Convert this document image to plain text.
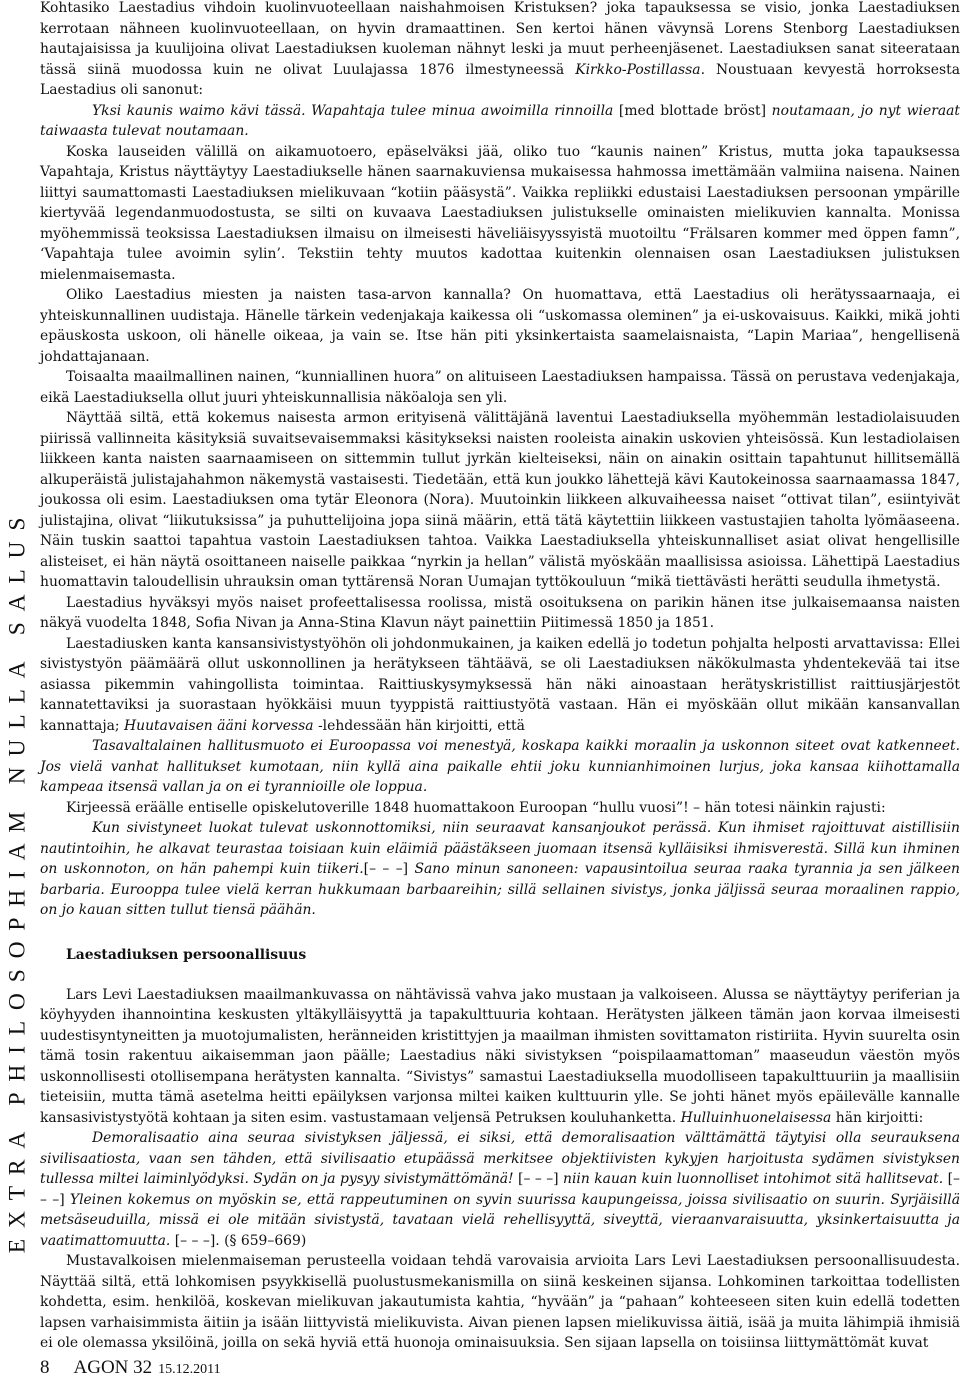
EXTRA PHILOSOPHIAM NULLA SALUS

Kohtasiko Laestadius vihdoin kuolinvuoteellaan naishahmoisen Kristuksen? joka tapauksessa se visio, jonka Laestadiuksen kerrotaan nähneen kuolinvuoteellaan, on hyvin dramaattinen. Sen kertoi hänen vävynsä Lorens Stenborg Laestadiuksen hautajaisissa ja kuulijoina olivat Laestadiuksen kuoleman nähnyt leski ja muut perheenjäsenet. Laestadiuksen sanat siteerataan tässä siinä muodossa kuin ne olivat Luulajassa 1876 ilmestyneessä Kirkko-Postillassa. Noustuaan kevyestä horroksesta Laestadius oli sanonut:

Yksi kaunis waimo kävi tässä. Wapahtaja tulee minua awoimilla rinnoilla [med blottade bröst] noutamaan, jo nyt wieraat taiwaasta tulevat noutamaan.

Koska lauseiden välillä on aikamuotoero, epäselväksi jää, oliko tuo “kaunis nainen” Kristus, mutta joka tapauksessa Vapahtaja, Kristus näyttäytyy Laestadiukselle hänen saarnakuviensa mukaisessa hahmossa imettämään valmiina naisena. Nainen liittyi saumattomasti Laestadiuksen mielikuvaan “kotiin pääsystä”. Vaikka repliikki edustaisi Laestadiuksen persoonan ympärille kiertyvää legendanmuodostusta, se silti on kuvaava Laestadiuksen julistukselle ominaisten mielikuvien kannalta. Monissa myöhemmissä teoksissa Laestadiuksen ilmaisu on ilmeisesti häveliäisyyssyistä muotoiltu “Frälsaren kommer med öppen famn”, ‘Vapahtaja tulee avoimin sylin’. Tekstiin tehty muutos kadottaa kuitenkin olennaisen osan Laestadiuksen julistuksen mielenmaisemasta.

Oliko Laestadius miesten ja naisten tasa-arvon kannalla? On huomattava, että Laestadius oli herätyssaarnaaja, ei yhteiskunnallinen uudistaja. Hänelle tärkein vedenjakaja kaikessa oli “uskomassa oleminen” ja ei-uskovaisuus. Kaikki, mikä johti epäuskosta uskoon, oli hänelle oikeaa, ja vain se. Itse hän piti yksinkertaista saamelaisnaista, “Lapin Mariaa”, hengellisenä johdattajanaan.

Toisaalta maailmallinen nainen, “kunniallinen huora” on alituiseen Laestadiuksen hampaissa. Tässä on perustava vedenjakaja, eikä Laestadiuksella ollut juuri yhteiskunnallisia näköaloja sen yli.

Näyttää siltä, että kokemus naisesta armon erityisenä välittäjänä laventui Laestadiuksella myöhemmän lestadiolaisuuden piirissä vallinneita käsityksiä suvaitsevaisemmaksi käsitykseksi naisten rooleista ainakin uskovien yhteisössä. Kun lestadiolaisen liikkeen kanta naisten saarnaamiseen on sittemmin tullut jyrkän kielteiseksi, näin on ainakin osittain tapahtunut hillitsemällä alkuperäistä julistajahahmon näkemystä vastaisesti. Tiedetään, että kun joukko lähettejä kävi Kautokeinossa saarnaamassa 1847, joukossa oli esim. Laestadiuksen oma tytär Eleonora (Nora). Muutoinkin liikkeen alkuvaiheessa naiset “ottivat tilan”, esiintyivät julistajina, olivat “liikutuksissa” ja puhuttelijoina jopa siinä määrin, että tätä käytettiin liikkeen vastustajien taholta lyömäaseena. Näin tuskin saattoi tapahtua vastoin Laestadiuksen tahtoa. Vaikka Laestadiuksella yhteiskunnalliset asiat olivat hengellisille alisteiset, ei hän näytä osoittaneen naiselle paikkaa “nyrkin ja hellan” välistä myöskään maallisissa asioissa. Lähettipä Laestadius huomattavin taloudellisin uhrauksin oman tyttärensä Noran Uumajan tyttökouluun “mikä tiettävästi herätti seudulla ihmetystä.

Laestadius hyväksyi myös naiset profeettalisessa roolissa, mistä osoituksena on parikin hänen itse julkaisemaansa naisten näkyä vuodelta 1848, Sofia Nivan ja Anna-Stina Klavun näyt painettiin Piitimessä 1850 ja 1851.

Laestadiusken kanta kansansivistystyöhön oli johdonmukainen, ja kaiken edellä jo todetun pohjalta helposti arvattavissa: Ellei sivistystyön päämäärä ollut uskonnollinen ja herätykseen tähtäävä, se oli Laestadiuksen näkökulmasta yhdentekevää tai itse asiassa pikemmin vahingollista toimintaa. Raittiuskysymyksessä hän näki ainoastaan herätyskristillist raittiusjärjestöt kannatettaviksi ja suorastaan hyökkäisi muun tyyppistä raittiustyötä vastaan. Hän ei myöskään ollut mikään kansanvallan kannattaja; Huutavaisen ääni korvessa -lehdessään hän kirjoitti, että

Tasavaltalainen hallitusmuoto ei Euroopassa voi menestyä, koskapa kaikki moraalin ja uskonnon siteet ovat katkenneet. Jos vielä vanhat hallitukset kumotaan, niin kyllä aina paikalle ehtii joku kunnianhimoinen lurjus, joka kansaa kiihottamalla kampeaa itsensä vallan ja on ei tyrannioille ole loppua.

Kirjeessä eräälle entiselle opiskelutoverille 1848 huomattakoon Euroopan “hullu vuosi”! – hän totesi näinkin rajusti:

Kun sivistyneet luokat tulevat uskonnottomiksi, niin seuraavat kansanjoukot perässä. Kun ihmiset rajoittuvat aistillisiin nautintoihin, he alkavat teurastaa toisiaan kuin eläimiä päästäkseen juomaan itsensä kylläisiksi ihmisverestä. Sillä kun ihminen on uskonnoton, on hän pahempi kuin tiikeri.[– – –] Sano minun sanoneen: vapausintoilua seuraa raaka tyrannia ja sen jälkeen barbaria. Eurooppa tulee vielä kerran hukkumaan barbaareihin; sillä sellainen sivistys, jonka jäljissä seuraa moraalinen rappio, on jo kauan sitten tullut tiensä päähän.

Laestadiuksen persoonallisuus

Lars Levi Laestadiuksen maailmankuvassa on nähtävissä vahva jako mustaan ja valkoiseen. Alussa se näyttäytyy periferian ja köyhyyden ihannointina keskusten yltäkylläisyyttä ja tapakulttuuria kohtaan. Herätysten jälkeen tämän jaon korvaa ilmeisesti uudestisyntyneitten ja muotojumalisten, heränneiden kristittyjen ja maailman ihmisten sovittamaton ristiriita. Hyvin suurelta osin tämä tosin rakentuu aikaisemman jaon päälle; Laestadius näki sivistyksen “poispilaamattoman” maaseudun väestön myös uskonnollisesti otollisempana herätysten kannalta. “Sivistys” samastui Laestadiuksella muodolliseen tapakulttuuriin ja maallisiin tieteisiin, mutta tämä asetelma heitti epäilyksen varjonsa miltei kaiken kulttuurin ylle. Se johti hänet myös epäilevälle kannalle kansasivistystyötä kohtaan ja siten esim. vastustamaan veljensä Petruksen kouluhanketta. Hulluinhuonelaisessa hän kirjoitti:

Demoralisaatio aina seuraa sivistyksen jäljessä, ei siksi, että demoralisaation välttämättä täytyisi olla seurauksena sivilisaatiosta, vaan sen tähden, että sivilisaatio etupäässä merkitsee objektiivisten kykyjen harjoitusta sydämen sivistyksen tullessa miltei laiminlyödyksi. Sydän on ja pysyy sivistymättömänä! [– – –] niin kauan kuin luonnolliset intohimot sitä hallitsevat. [– – –] Yleinen kokemus on myöskin se, että rappeutuminen on syvin suurissa kaupungeissa, joissa sivilisaatio on suurin. Syrjäisillä metsäseuduilla, missä ei ole mitään sivistystä, tavataan vielä rehellisyyttä, siveyttä, vieraanvaraisuutta, yksinkertaisuutta ja vaatimattomuutta. [– – –]. (§ 659–669)

Mustavalkoisen mielenmaiseman perusteella voidaan tehdä varovaisia arvioita Lars Levi Laestadiuksen persoonallisuudesta. Näyttää siltä, että lohkomisen psyykkisellä puolustusmekanismilla on siinä keskeinen sijansa. Lohkominen tarkoittaa todellisten kohdetta, esim. henkilöä, koskevan mielikuvan jakautumista kahtia, “hyvään” ja “pahaan” kohteeseen siten kuin edellä todetten lapsen varhaisimmista äitiin ja isään liittyvistä mielikuvista. Aivan pienen lapsen mielikuvissa äitiä, isää ja muita lähimpiä ihmisiä ei ole olemassa yksilöinä, joilla on sekä hyviä että huonoja ominaisuuksia. Sen sijaan lapsella on toisiinsa liittymättömät kuvat

8 AGON 32 15.12.2011
